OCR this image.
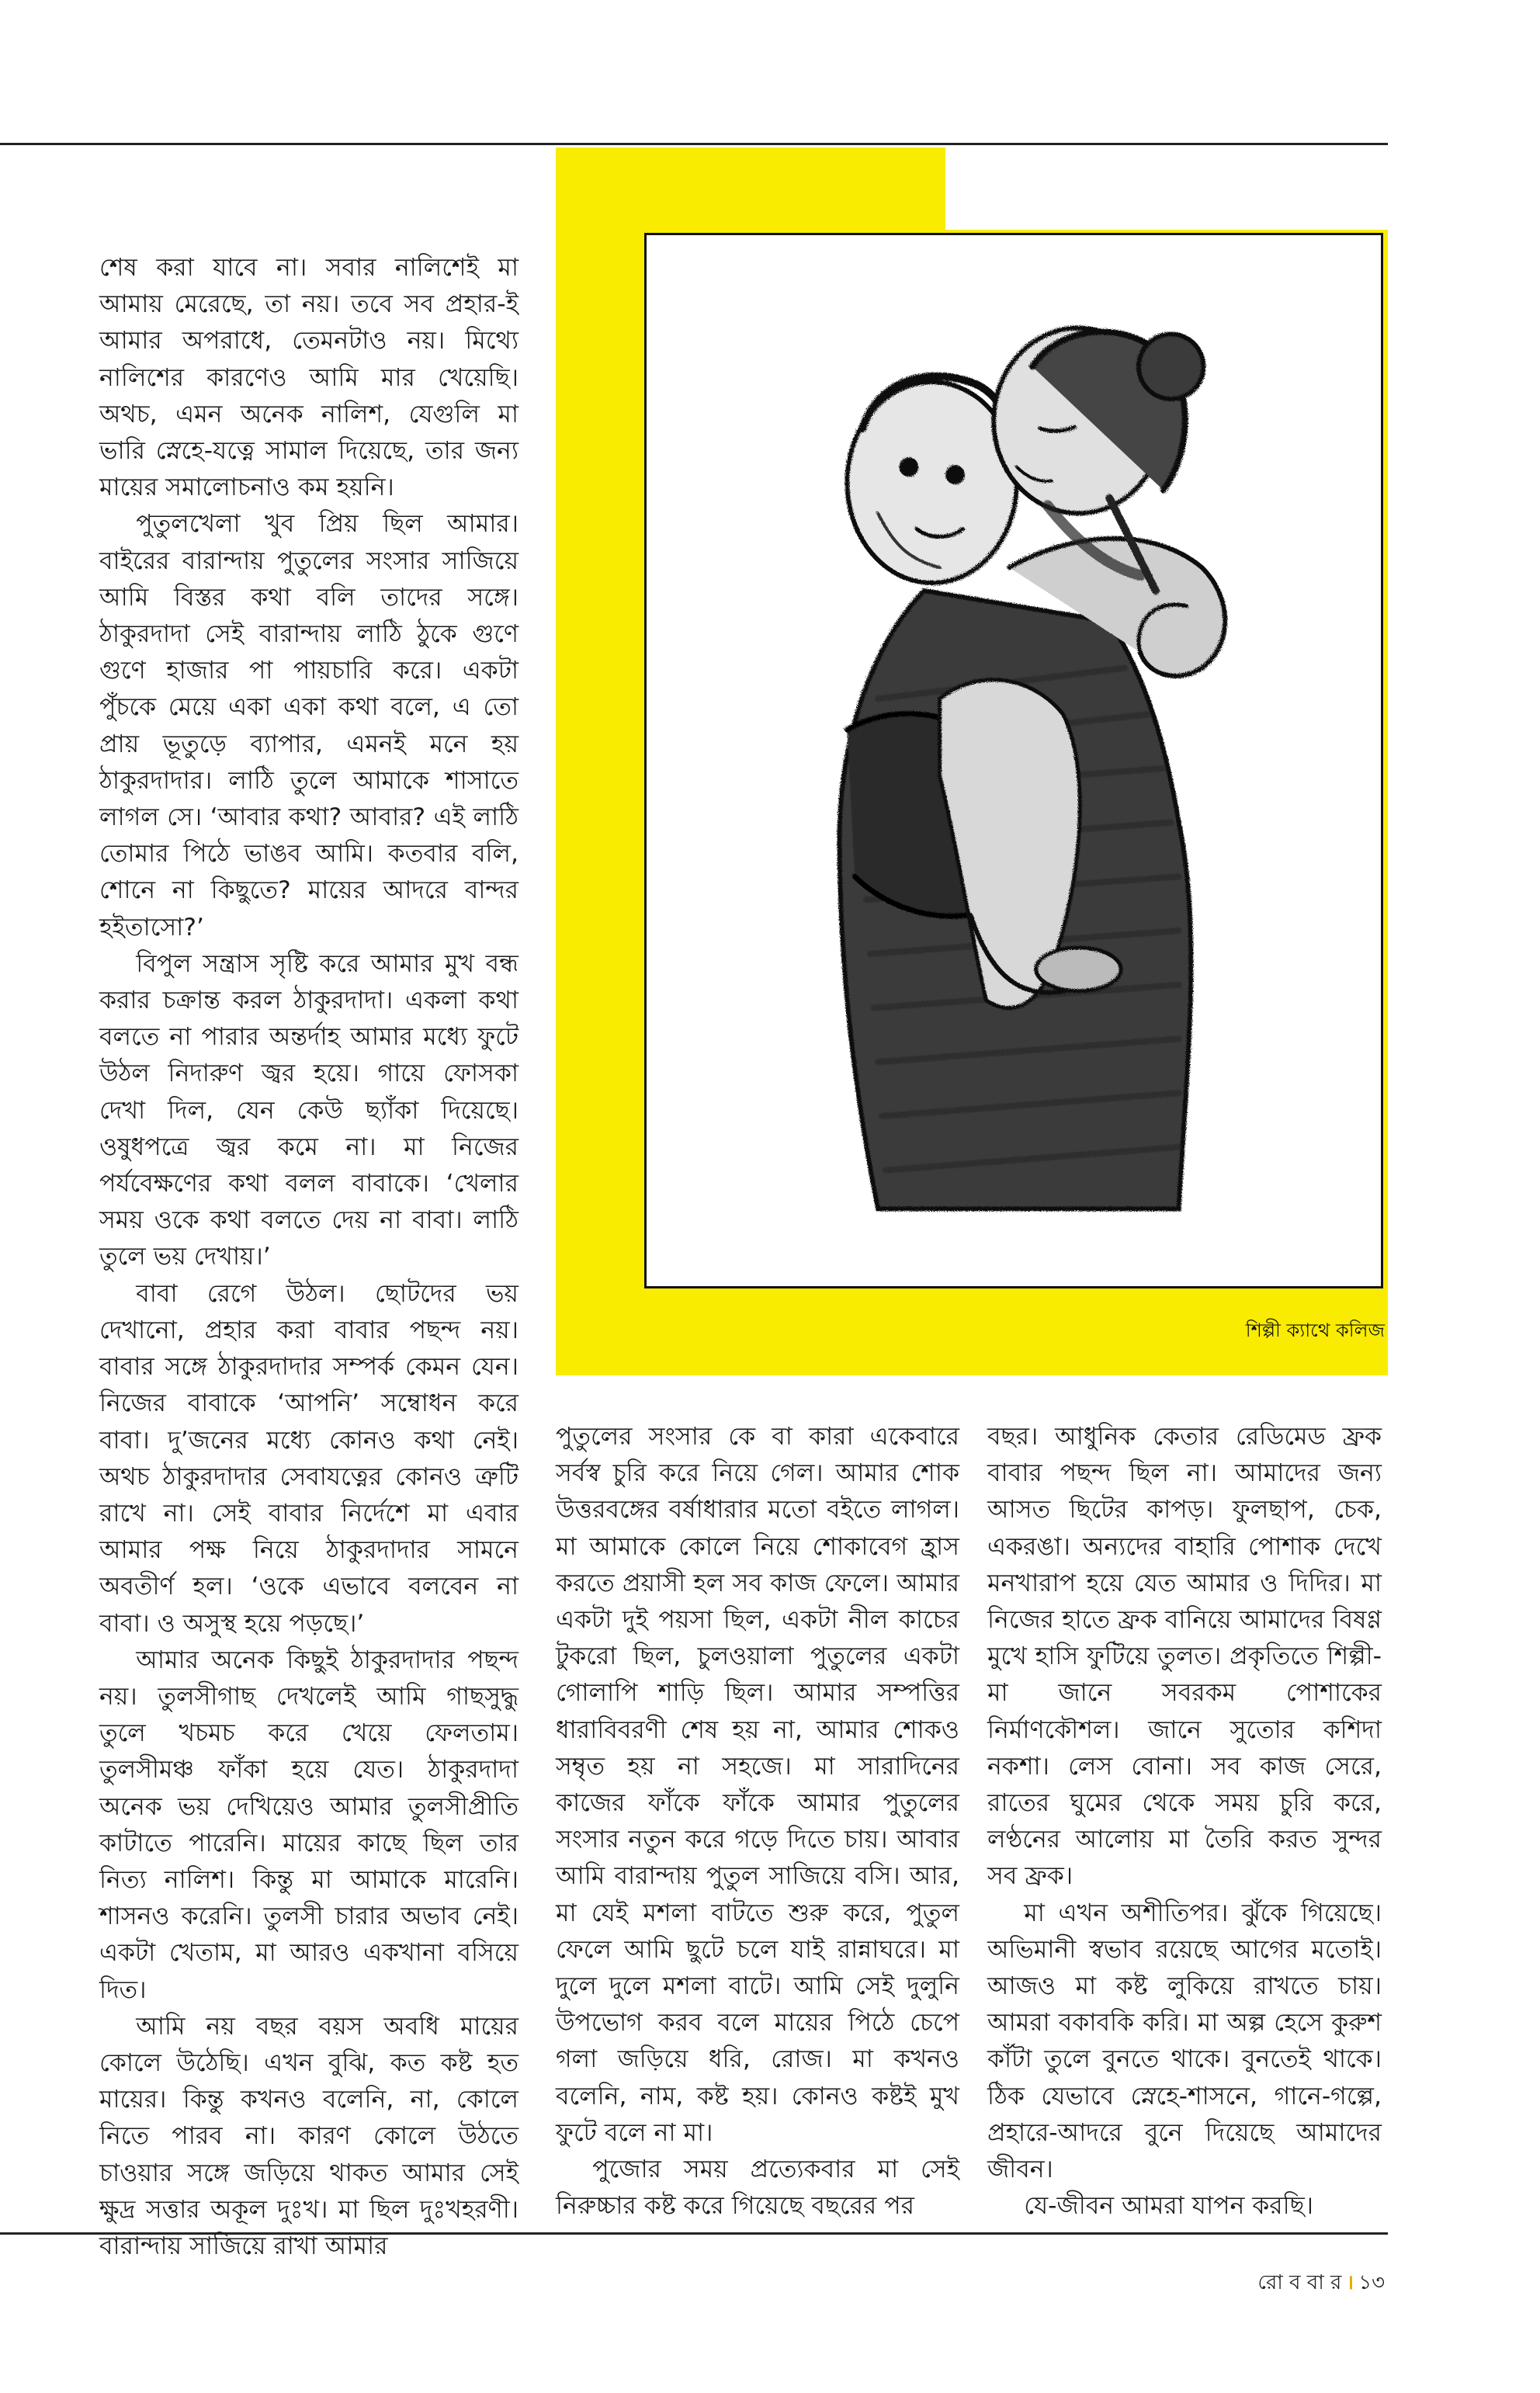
শিল্পী ক্যাথে কলিজ

শেষ করা যাবে না। সবার নালিশেই মা আমায় মেরেছে, তা নয়। তবে সব প্রহার-ই আমার অপরাধে, তেমনটাও নয়। মিথ্যে নালিশের কারণেও আমি মার খেয়েছি। অথচ, এমন অনেক নালিশ, যেগুলি মা ভারি স্নেহে-যত্নে সামাল দিয়েছে, তার জন্য মায়ের সমালোচনাও কম হয়নি।

পুতুলখেলা খুব প্রিয় ছিল আমার। বাইরের বারান্দায় পুতুলের সংসার সাজিয়ে আমি বিস্তর কথা বলি তাদের সঙ্গে। ঠাকুরদাদা সেই বারান্দায় লাঠি ঠুকে গুণে গুণে হাজার পা পায়চারি করে। একটা পুঁচকে মেয়ে একা একা কথা বলে, এ তো প্রায় ভূতুড়ে ব্যাপার, এমনই মনে হয় ঠাকুরদাদার। লাঠি তুলে আমাকে শাসাতে লাগল সে। ‘আবার কথা? আবার? এই লাঠি তোমার পিঠে ভাঙব আমি। কতবার বলি, শোনে না কিছুতে? মায়ের আদরে বান্দর হইতাসো?’

বিপুল সন্ত্রাস সৃষ্টি করে আমার মুখ বন্ধ করার চক্রান্ত করল ঠাকুরদাদা। একলা কথা বলতে না পারার অন্তর্দাহ আমার মধ্যে ফুটে উঠল নিদারুণ জ্বর হয়ে। গায়ে ফোসকা দেখা দিল, যেন কেউ ছ্যাঁকা দিয়েছে। ওষুধপত্রে জ্বর কমে না। মা নিজের পর্যবেক্ষণের কথা বলল বাবাকে। ‘খেলার সময় ওকে কথা বলতে দেয় না বাবা। লাঠি তুলে ভয় দেখায়।’

বাবা রেগে উঠল। ছোটদের ভয় দেখানো, প্রহার করা বাবার পছন্দ নয়। বাবার সঙ্গে ঠাকুরদাদার সম্পর্ক কেমন যেন। নিজের বাবাকে ‘আপনি’ সম্বোধন করে বাবা। দু’জনের মধ্যে কোনও কথা নেই। অথচ ঠাকুরদাদার সেবাযত্নের কোনও ত্রুটি রাখে না। সেই বাবার নির্দেশে মা এবার আমার পক্ষ নিয়ে ঠাকুরদাদার সামনে অবতীর্ণ হল। ‘ওকে এভাবে বলবেন না বাবা। ও অসুস্থ হয়ে পড়ছে।’

আমার অনেক কিছুই ঠাকুরদাদার পছন্দ নয়। তুলসীগাছ দেখলেই আমি গাছসুদ্ধু তুলে খচমচ করে খেয়ে ফেলতাম। তুলসীমঞ্চ ফাঁকা হয়ে যেত। ঠাকুরদাদা অনেক ভয় দেখিয়েও আমার তুলসীপ্রীতি কাটাতে পারেনি। মায়ের কাছে ছিল তার নিত্য নালিশ। কিন্তু মা আমাকে মারেনি। শাসনও করেনি। তুলসী চারার অভাব নেই। একটা খেতাম, মা আরও একখানা বসিয়ে দিত।

আমি নয় বছর বয়স অবধি মায়ের কোলে উঠেছি। এখন বুঝি, কত কষ্ট হত মায়ের। কিন্তু কখনও বলেনি, না, কোলে নিতে পারব না। কারণ কোলে উঠতে চাওয়ার সঙ্গে জড়িয়ে থাকত আমার সেই ক্ষুদ্র সত্তার অকূল দুঃখ। মা ছিল দুঃখহরণী। বারান্দায় সাজিয়ে রাখা আমার

পুতুলের সংসার কে বা কারা একেবারে সর্বস্ব চুরি করে নিয়ে গেল। আমার শোক উত্তরবঙ্গের বর্ষাধারার মতো বইতে লাগল। মা আমাকে কোলে নিয়ে শোকাবেগ হ্রাস করতে প্রয়াসী হল সব কাজ ফেলে। আমার একটা দুই পয়সা ছিল, একটা নীল কাচের টুকরো ছিল, চুলওয়ালা পুতুলের একটা গোলাপি শাড়ি ছিল। আমার সম্পত্তির ধারাবিবরণী শেষ হয় না, আমার শোকও সম্বৃত হয় না সহজে। মা সারাদিনের কাজের ফাঁকে ফাঁকে আমার পুতুলের সংসার নতুন করে গড়ে দিতে চায়। আবার আমি বারান্দায় পুতুল সাজিয়ে বসি। আর, মা যেই মশলা বাটতে শুরু করে, পুতুল ফেলে আমি ছুটে চলে যাই রান্নাঘরে। মা দুলে দুলে মশলা বাটে। আমি সেই দুলুনি উপভোগ করব বলে মায়ের পিঠে চেপে গলা জড়িয়ে ধরি, রোজ। মা কখনও বলেনি, নাম, কষ্ট হয়। কোনও কষ্টই মুখ ফুটে বলে না মা।

পুজোর সময় প্রত্যেকবার মা সেই নিরুচ্চার কষ্ট করে গিয়েছে বছরের পর

বছর। আধুনিক কেতার রেডিমেড ফ্রক বাবার পছন্দ ছিল না। আমাদের জন্য আসত ছিটের কাপড়। ফুলছাপ, চেক, একরঙা। অন্যদের বাহারি পোশাক দেখে মনখারাপ হয়ে যেত আমার ও দিদির। মা নিজের হাতে ফ্রক বানিয়ে আমাদের বিষণ্ণ মুখে হাসি ফুটিয়ে তুলত। প্রকৃতিতে শিল্পী-মা জানে সবরকম পোশাকের নির্মাণকৌশল। জানে সুতোর কশিদা নকশা। লেস বোনা। সব কাজ সেরে, রাতের ঘুমের থেকে সময় চুরি করে, লণ্ঠনের আলোয় মা তৈরি করত সুন্দর সব ফ্রক।

মা এখন অশীতিপর। ঝুঁকে গিয়েছে। অভিমানী স্বভাব রয়েছে আগের মতোই। আজও মা কষ্ট লুকিয়ে রাখতে চায়। আমরা বকাবকি করি। মা অল্প হেসে কুরুশ কাঁটা তুলে বুনতে থাকে। বুনতেই থাকে। ঠিক যেভাবে স্নেহে-শাসনে, গানে-গল্পে, প্রহারে-আদরে বুনে দিয়েছে আমাদের জীবন।

যে-জীবন আমরা যাপন করছি।

রো ব বা র । ১৩
